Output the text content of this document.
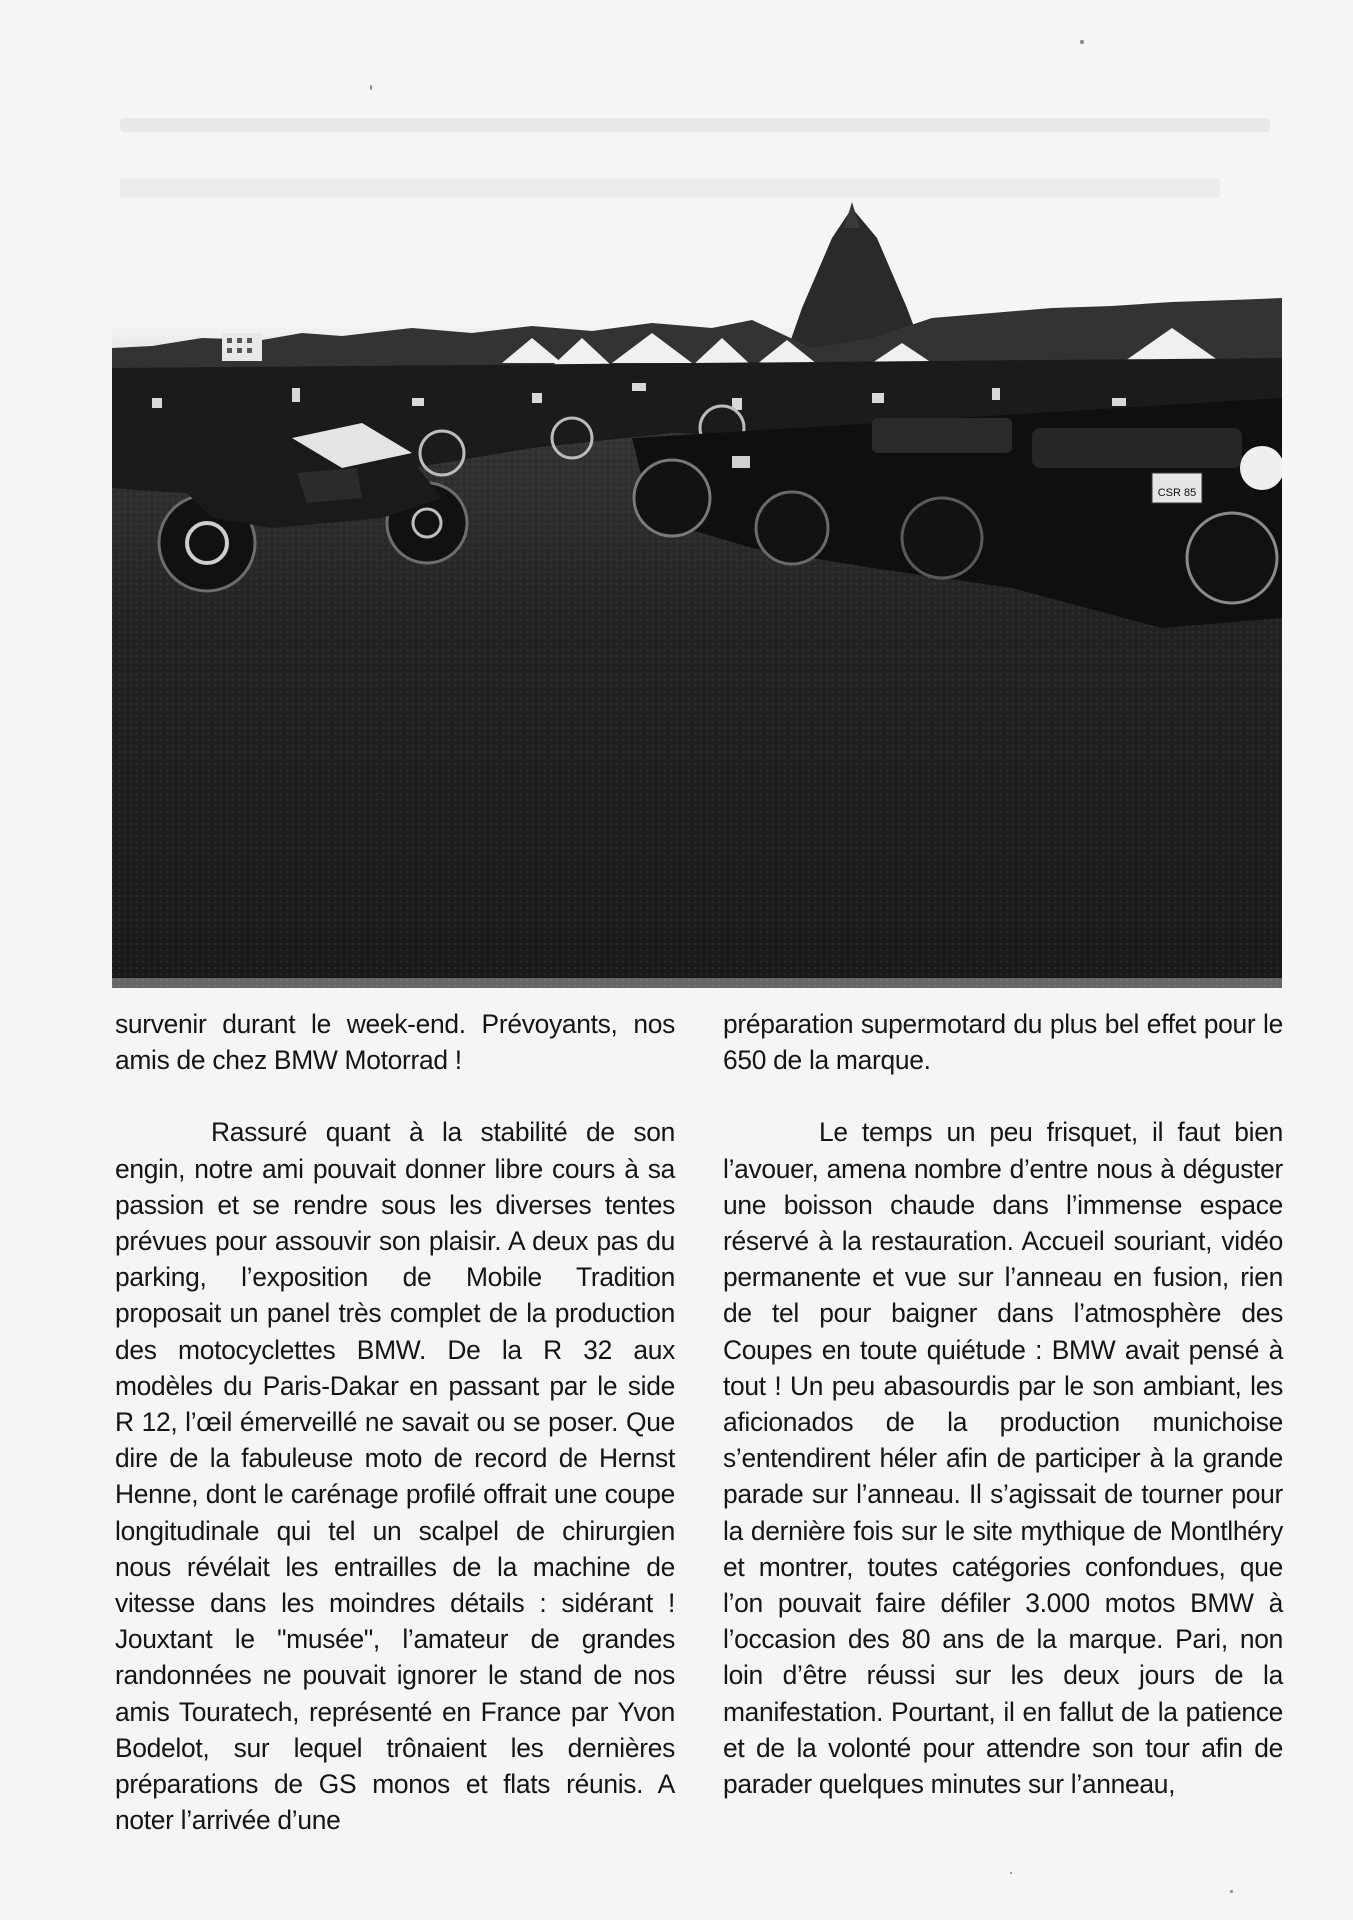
CSR 85

survenir durant le week-end. Prévoyants, nos amis de chez BMW Motorrad !

Rassuré quant à la stabilité de son engin, notre ami pouvait donner libre cours à sa passion et se rendre sous les diverses tentes prévues pour assouvir son plaisir. A deux pas du parking, l’exposition de Mobile Tradition proposait un panel très complet de la production des motocyclettes BMW. De la R 32 aux modèles du Paris-Dakar en passant par le side R 12, l’œil émerveillé ne savait ou se poser. Que dire de la fabuleuse moto de record de Hernst Henne, dont le carénage profilé offrait une coupe longitudinale qui tel un scalpel de chirurgien nous révélait les entrailles de la machine de vitesse dans les moindres détails : sidérant ! Jouxtant le "musée", l’amateur de grandes randonnées ne pouvait ignorer le stand de nos amis Touratech, représenté en France par Yvon Bodelot, sur lequel trônaient les dernières préparations de GS monos et flats réunis. A noter l’arrivée d’une

préparation supermotard du plus bel effet pour le 650 de la marque.

Le temps un peu frisquet, il faut bien l’avouer, amena nombre d’entre nous à déguster une boisson chaude dans l’immense espace réservé à la restauration. Accueil souriant, vidéo permanente et vue sur l’anneau en fusion, rien de tel pour baigner dans l’atmosphère des Coupes en toute quiétude : BMW avait pensé à tout ! Un peu abasourdis par le son ambiant, les aficionados de la production munichoise s’entendirent héler afin de participer à la grande parade sur l’anneau. Il s’agissait de tourner pour la dernière fois sur le site mythique de Montlhéry et montrer, toutes catégories confondues, que l’on pouvait faire défiler 3.000 motos BMW à l’occasion des 80 ans de la marque. Pari, non loin d’être réussi sur les deux jours de la manifestation. Pourtant, il en fallut de la patience et de la volonté pour attendre son tour afin de parader quelques minutes sur l’anneau,
